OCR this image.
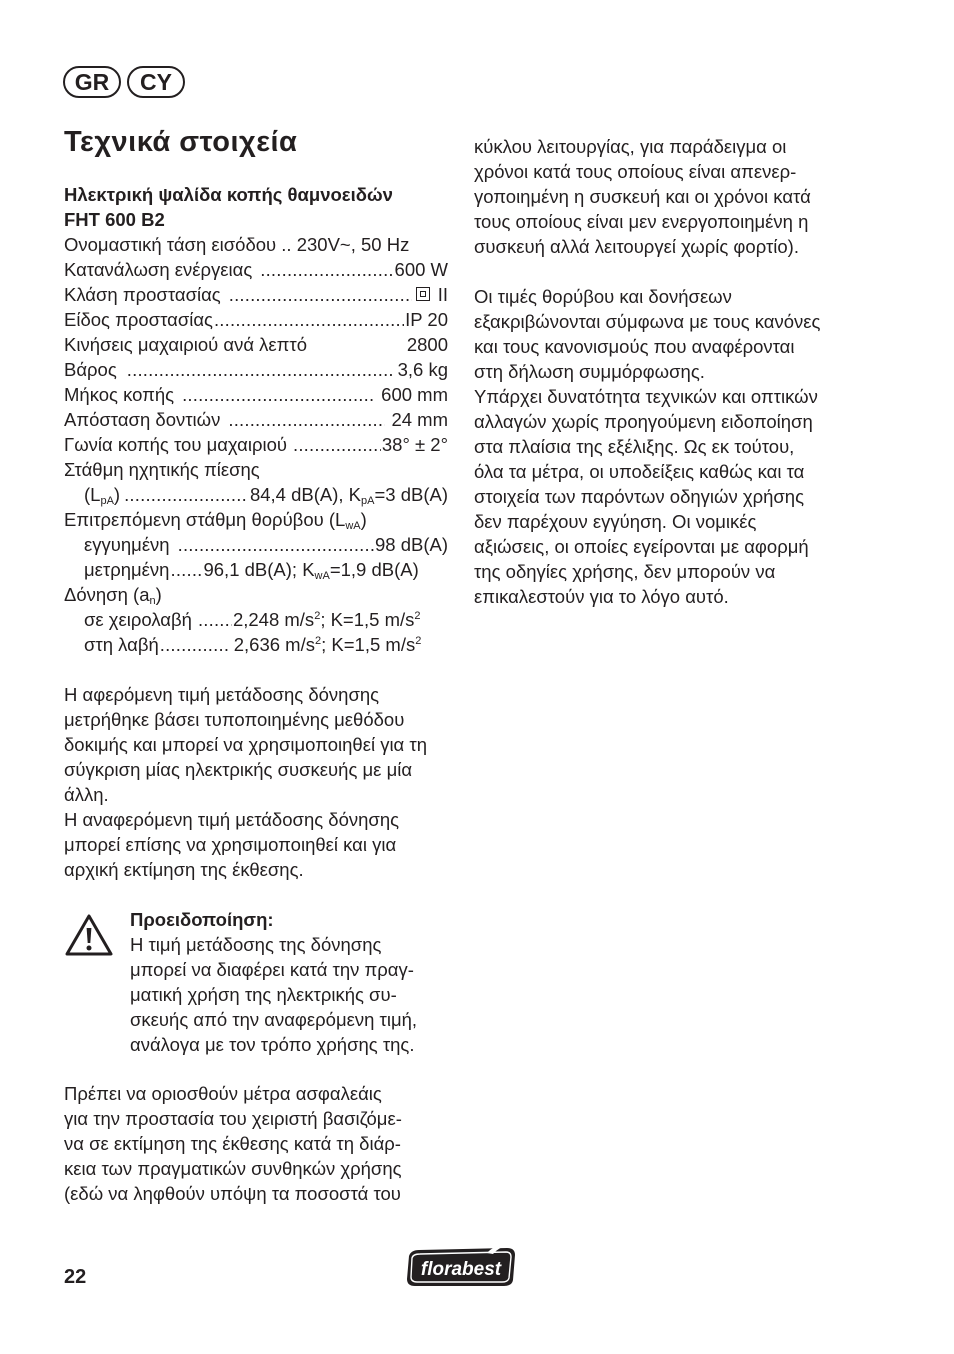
GR	CY
Τεχνικά στοιχεία
Ηλεκτρική ψαλίδα κοπής θαμνοειδών
FHT 600 B2
Ονομαστική τάση εισόδου .. 230V~, 50 Hz
Κατανάλωση ενέργειας .....	600 W
Κλάση προστασίας .....	II
Είδος προστασίας .....	IP 20
Κινήσεις μαχαιριού ανά λεπτό	2800
Βάρος .....	3,6 kg
Μήκος κοπής .....	600 mm
Απόσταση δοντιών .....	24 mm
Γωνία κοπής του μαχαιριού .....	38° ± 2°
Στάθμη ηχητικής πίεσης
$(L_{pA})$ .....	84,4 dB(A), $K_{pA}=3$ dB(A)
Επιτρεπόμενη στάθμη θορύβου $(L_{wA})$
εγγυημένη .....	98 dB(A)
μετρημένη ..... 96,1 dB(A); $K_{wA}=1,9$ dB(A)
Δόνηση $(a_n)$
σε χειρολαβή ..... 2,248 $m/s^2$; K=1,5 $m/s^2$
στη λαβή .....	2,636 $m/s^2$; K=1,5 $m/s^2$
Η αφερόμενη τιμή μετάδοσης δόνησης
μετρήθηκε βάσει τυποποιημένης μεθόδου
δοκιμής και μπορεί να χρησιμοποιηθεί για τη
σύγκριση μίας ηλεκτρικής συσκευής με μία
άλλη.
Η αναφερόμενη τιμή μετάδοσης δόνησης
μπορεί επίσης να χρησιμοποιηθεί και για
αρχική εκτίμηση της έκθεσης.
Προειδοποίηση:
Η τιμή μετάδοσης της δόνησης
μπορεί να διαφέρει κατά την πραγ-
ματική χρήση της ηλεκτρικής συ-
σκευής από την αναφερόμενη τιμή,
ανάλογα με τον τρόπο χρήσης της.
Πρέπει να οριοσθούν μέτρα ασφαλεάις
για την προστασία του χειριστή βασιζόμε-
να σε εκτίμηση της έκθεσης κατά τη διάρ-
κεια των πραγματικών συνθηκών χρήσης
(εδώ να ληφθούν υπόψη τα ποσοστά του
κύκλου λειτουργίας, για παράδειγμα οι
χρόνοι κατά τους οποίους είναι απενερ-
γοποιημένη η συσκευή και οι χρόνοι κατά
τους οποίους είναι μεν ενεργοποιημένη η
συσκευή αλλά λειτουργεί χωρίς φορτίο).
Οι τιμές θορύβου και δονήσεων
εξακριβώνονται σύμφωνα με τους κανόνες
και τους κανονισμούς που αναφέρονται
στη δήλωση συμμόρφωσης.
Υπάρχει δυνατότητα τεχνικών και οπτικών
αλλαγών χωρίς προηγούμενη ειδοποίηση
στα πλαίσια της εξέλιξης. Ως εκ τούτου,
όλα τα μέτρα, οι υποδείξεις καθώς και τα
στοιχεία των παρόντων οδηγιών χρήσης
δεν παρέχουν εγγύηση. Οι νομικές
αξιώσεις, οι οποίες εγείρονται με αφορμή
της οδηγίες χρήσης, δεν μπορούν να
επικαλεστούν για το λόγο αυτό.
22	florabest
